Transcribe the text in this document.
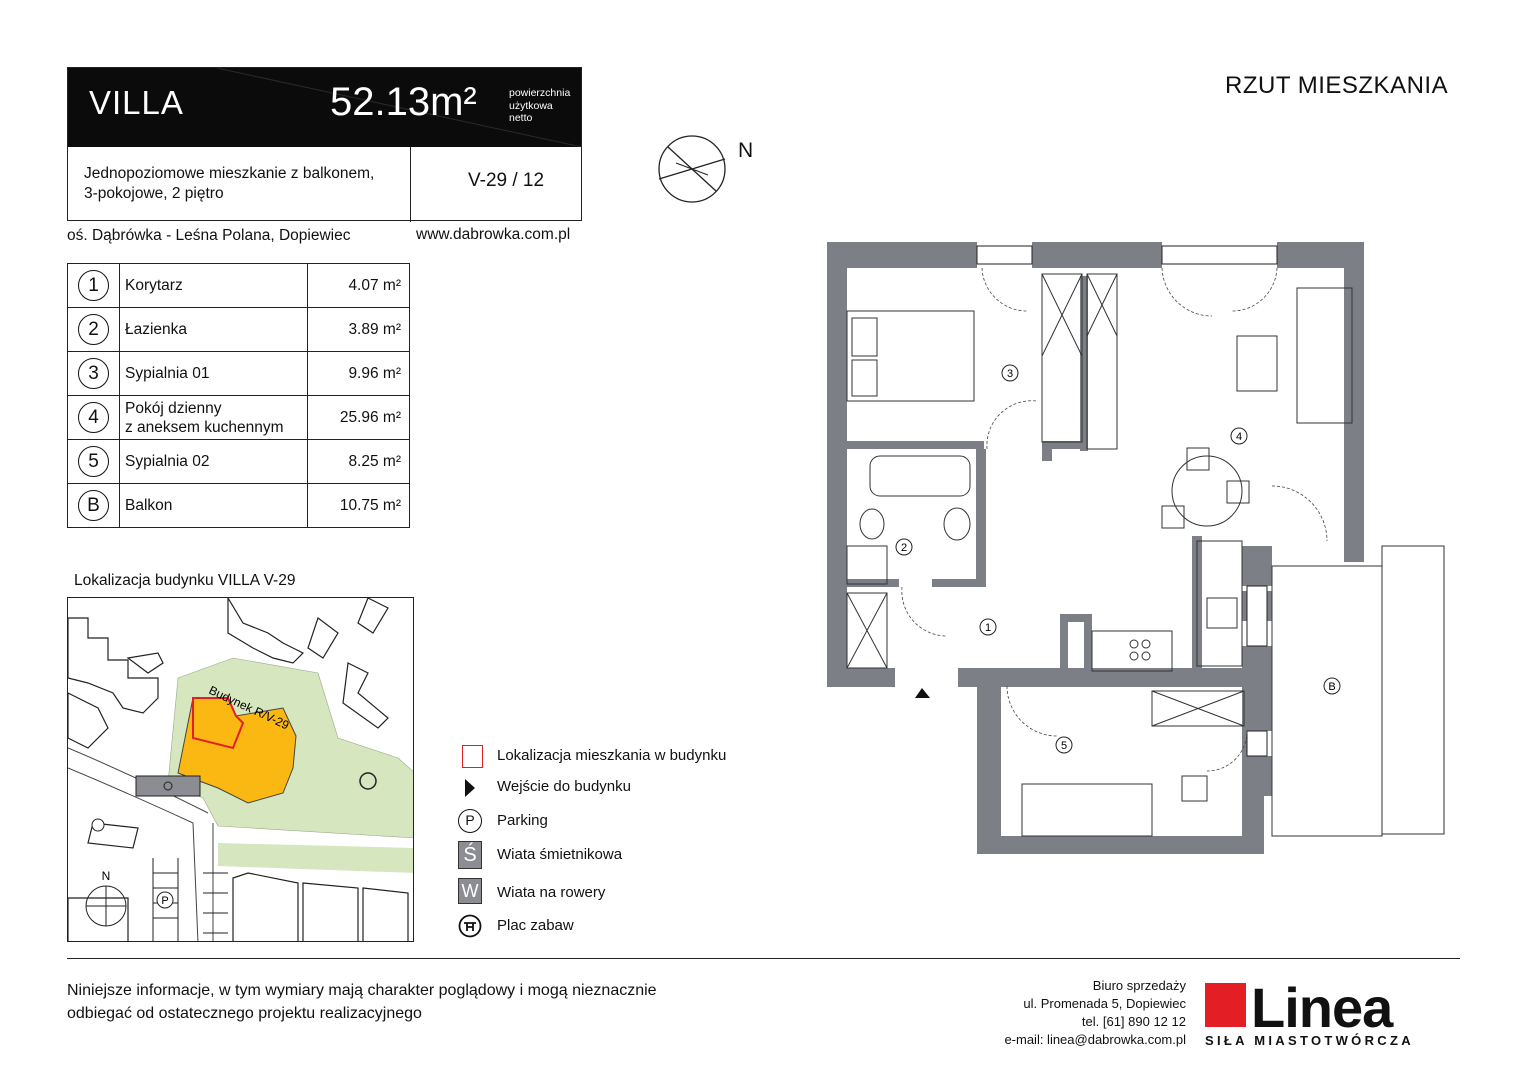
VILLA	52.13m²	powierzchnia
użytkowa
netto
Jednopoziomowe mieszkanie z balkonem,
3-pokojowe, 2 piętro
V-29 / 12
oś. Dąbrówka - Leśna Polana, Dopiewiec	www.dabrowka.com.pl
1	Korytarz	4.07 m²
2	Łazienka	3.89 m²
3	Sypialnia 01	9.96 m²
4	Pokój dzienny
z aneksem kuchennym	25.96 m²
5	Sypialnia 02	8.25 m²
B	Balkon	10.75 m²
Lokalizacja budynku VILLA V-29
P
N
Budynek R/V-29
Lokalizacja mieszkania w budynku
Wejście do budynku
P	Parking
Ś	Wiata śmietnikowa
W Wiata na rowery
Plac zabaw
RZUT MIESZKANIA
N
3
4
2
1
5
B
Niniejsze informacje, w tym wymiary mają charakter poglądowy i mogą nieznacznie
odbiegać od ostatecznego projektu realizacyjnego
Biuro sprzedaży
ul. Promenada 5, Dopiewiec
tel. [61] 890 12 12
e-mail: linea@dabrowka.com.pl
Linea
SIŁA MIASTOTWÓRCZA
